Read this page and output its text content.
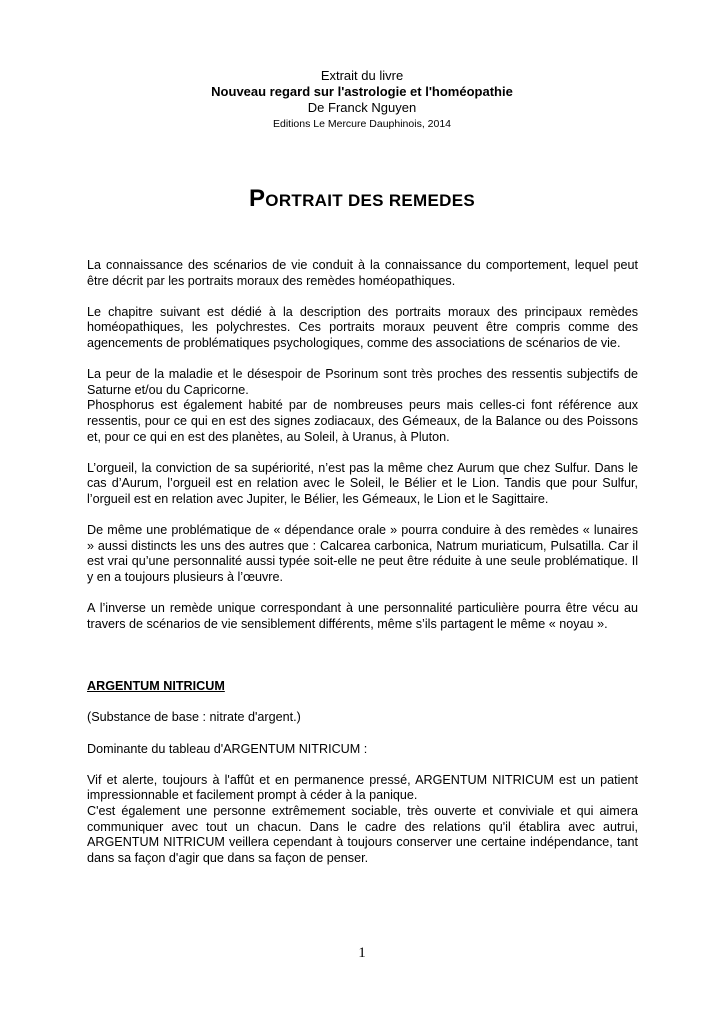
Extrait du livre
Nouveau regard sur l'astrologie et l'homéopathie
De Franck Nguyen
Editions Le Mercure Dauphinois, 2014
PORTRAIT DES REMEDES

La connaissance des scénarios de vie conduit à la connaissance du comportement, lequel peut être décrit par les portraits moraux des remèdes homéopathiques.

Le chapitre suivant est dédié à la description des portraits moraux des principaux remèdes homéopathiques, les polychrestes. Ces portraits moraux peuvent être compris comme des agencements de problématiques psychologiques, comme des associations de scénarios de vie.

La peur de la maladie et le désespoir de Psorinum sont très proches des ressentis subjectifs de Saturne et/ou du Capricorne.

Phosphorus est également habité par de nombreuses peurs mais celles-ci font référence aux ressentis, pour ce qui en est des signes zodiacaux, des Gémeaux, de la Balance ou des Poissons et, pour ce qui en est des planètes, au Soleil, à Uranus, à Pluton.

L’orgueil, la conviction de sa supériorité, n’est pas la même chez Aurum que chez Sulfur. Dans le cas d’Aurum, l’orgueil est en relation avec le Soleil, le Bélier et le Lion. Tandis que pour Sulfur, l’orgueil est en relation avec Jupiter, le Bélier, les Gémeaux, le Lion et le Sagittaire.

De même une problématique de « dépendance orale » pourra conduire à des remèdes « lunaires » aussi distincts les uns des autres que : Calcarea carbonica, Natrum muriaticum, Pulsatilla. Car il est vrai qu’une personnalité aussi typée soit-elle ne peut être réduite à une seule problématique. Il y en a toujours plusieurs à l’œuvre.

A l’inverse un remède unique correspondant à une personnalité particulière pourra être vécu au travers de scénarios de vie sensiblement différents, même s’ils partagent le même « noyau ».

ARGENTUM NITRICUM

(Substance de base : nitrate d'argent.)

Dominante du tableau d'ARGENTUM NITRICUM :

Vif et alerte, toujours à l'affût et en permanence pressé, ARGENTUM NITRICUM est un patient impressionnable et facilement prompt à céder à la panique.

C'est également une personne extrêmement sociable, très ouverte et conviviale et qui aimera communiquer avec tout un chacun. Dans le cadre des relations qu'il établira avec autrui, ARGENTUM NITRICUM veillera cependant à toujours conserver une certaine indépendance, tant dans sa façon d'agir que dans sa façon de penser.

1
